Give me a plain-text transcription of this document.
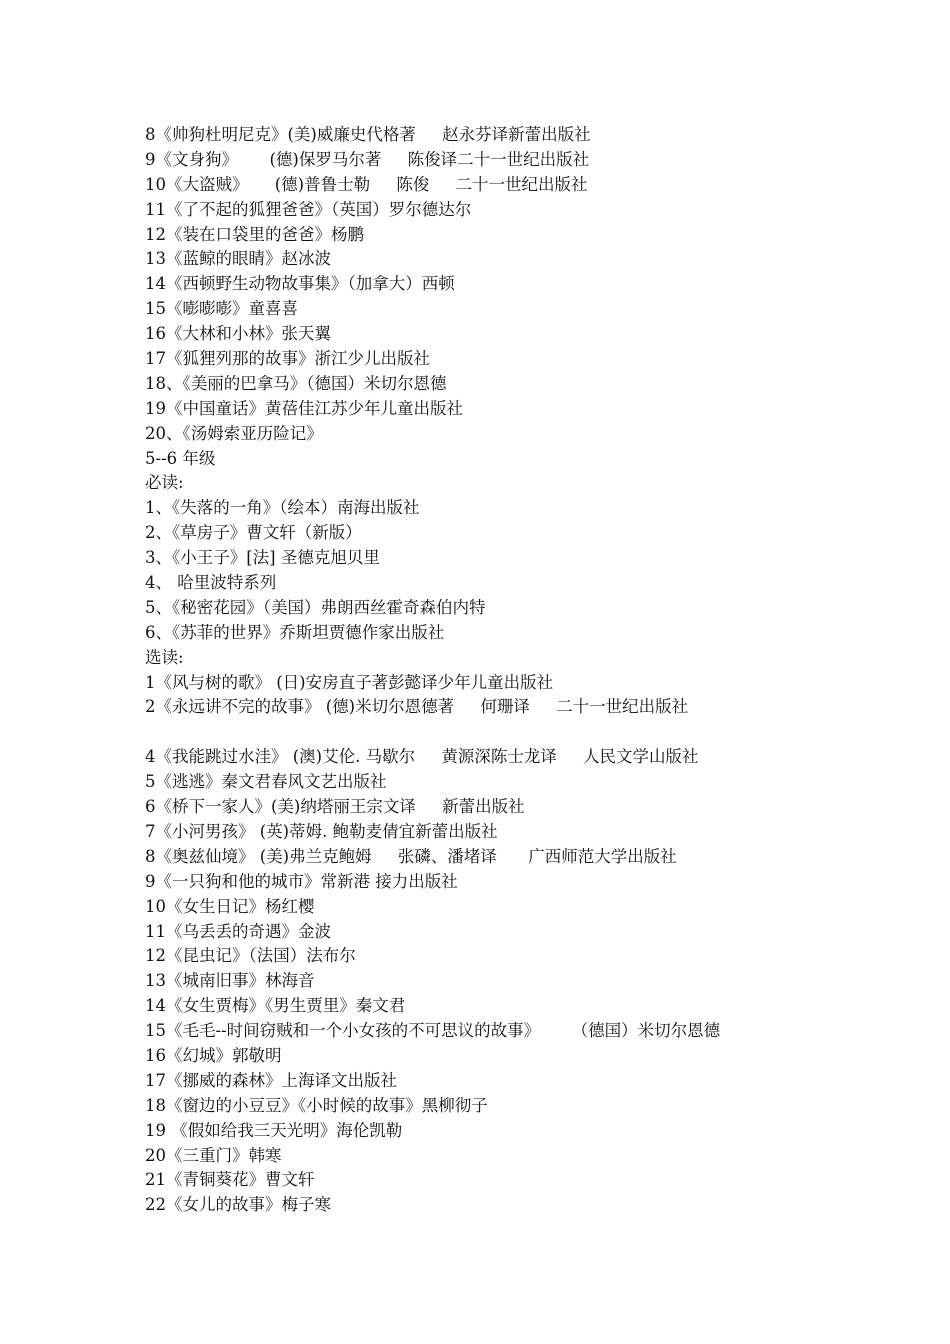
8《帅狗杜明尼克》(美)威廉史代格著     赵永芬译新蕾出版社
9《文身狗》      (德)保罗马尔著     陈俊译二十一世纪出版社
10《大盗贼》     (德)普鲁士勒     陈俊     二十一世纪出版社
11《了不起的狐狸爸爸》（英国）罗尔德达尔
12《装在口袋里的爸爸》杨鹏
13《蓝鲸的眼睛》赵冰波
14《西顿野生动物故事集》（加拿大）西顿
15《嘭嘭嘭》童喜喜
16《大林和小林》张天翼
17《狐狸列那的故事》浙江少儿出版社
18、《美丽的巴拿马》（德国）米切尔恩德
19《中国童话》黄蓓佳江苏少年儿童出版社
20、《汤姆索亚历险记》
5--6 年级
必读:
1、《失落的一角》（绘本）南海出版社
2、《草房子》曹文轩（新版）
3、《小王子》[法] 圣德克旭贝里
4、 哈里波特系列
5、《秘密花园》（美国）弗朗西丝霍奇森伯内特
6、《苏菲的世界》乔斯坦贾德作家出版社
选读:
1《风与树的歌》 (日)安房直子著彭懿译少年儿童出版社
2《永远讲不完的故事》 (德)米切尔恩德著     何珊译     二十一世纪出版社
4《我能跳过水洼》 (澳)艾伦. 马歇尔     黄源深陈士龙译     人民文学山版社
5《逃逃》秦文君春风文艺出版社
6《桥下一家人》(美)纳塔丽王宗文译     新蕾出版社
7《小河男孩》 (英)蒂姆. 鲍勒麦倩宜新蕾出版社
8《奥兹仙境》 (美)弗兰克鲍姆     张磷、潘堵译      广西师范大学出版社
9《一只狗和他的城市》常新港 接力出版社
10《女生日记》杨红樱
11《乌丢丢的奇遇》金波
12《昆虫记》（法国）法布尔
13《城南旧事》林海音
14《女生贾梅》《男生贾里》秦文君
15《毛毛--时间窃贼和一个小女孩的不可思议的故事》      （德国）米切尔恩德
16《幻城》郭敬明
17《挪威的森林》上海译文出版社
18《窗边的小豆豆》《小时候的故事》黑柳彻子
19 《假如给我三天光明》海伦凯勒
20《三重门》韩寒
21《青铜葵花》曹文轩
22《女儿的故事》梅子寒
